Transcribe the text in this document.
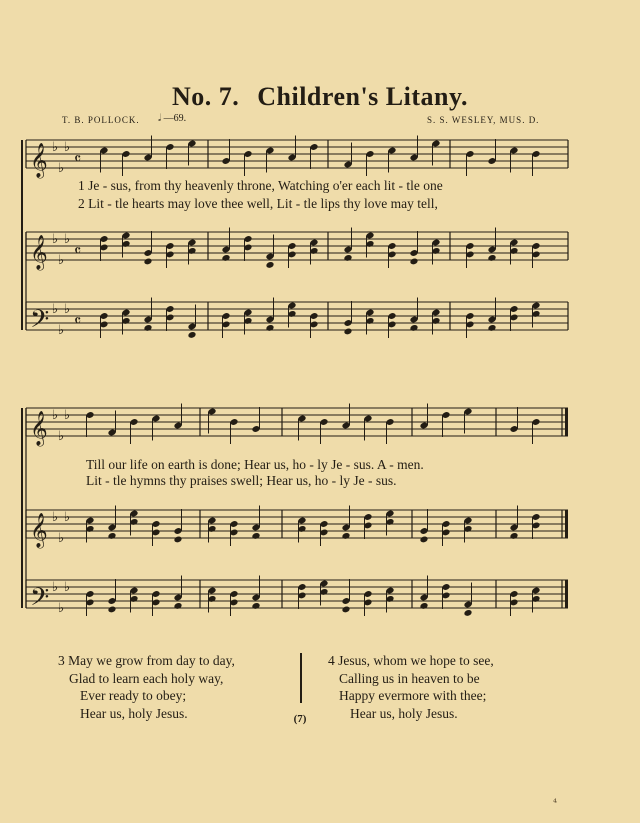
No. 7. Children's Litany.
T. B. POLLOCK. 𝅗𝅥 —69.	S. S. WESLEY, MUS. D.
𝄞 ♭
♭
♭
𝄴
𝄞 ♭
♭
♭
𝄴
𝄢 ♭
♭
♭
𝄴
𝄞 ♭
♭
♭
𝄞 ♭
♭
♭
𝄢 ♭
♭
♭
1 Je - sus, from thy heavenly throne, Watching o'er each lit - tle one
2 Lit - tle hearts may love thee well, Lit - tle lips thy love may tell,
Till our life on earth is done; Hear us, ho - ly Je - sus. A - men.
Lit - tle hymns thy praises swell; Hear us, ho - ly Je - sus.
3 May we grow from day to day,
Glad to learn each holy way,
Ever ready to obey;
Hear us, holy Jesus.
4 Jesus, whom we hope to see,
Calling us in heaven to be
Happy evermore with thee;
Hear us, holy Jesus.
(7)
⁴
